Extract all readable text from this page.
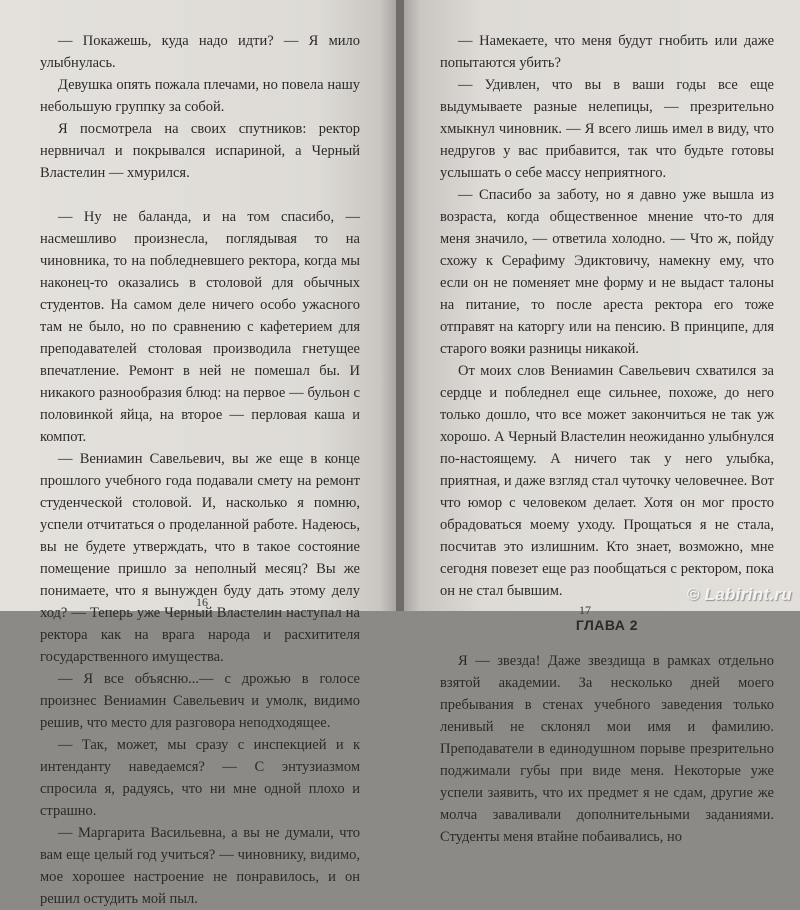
— Покажешь, куда надо идти? — Я мило улыбнулась.

Девушка опять пожала плечами, но повела нашу небольшую группку за собой.

Я посмотрела на своих спутников: ректор нервничал и покрывался испариной, а Черный Властелин — хмурился.

— Ну не баланда, и на том спасибо, — насмешливо произнесла, поглядывая то на чиновника, то на побледневшего ректора, когда мы наконец-то оказались в столовой для обычных студентов. На самом деле ничего особо ужасного там не было, но по сравнению с кафетерием для преподавателей столовая производила гнетущее впечатление. Ремонт в ней не помешал бы. И никакого разнообразия блюд: на первое — бульон с половинкой яйца, на второе — перловая каша и компот.

— Вениамин Савельевич, вы же еще в конце прошлого учебного года подавали смету на ремонт студенческой столовой. И, насколько я помню, успели отчитаться о проделанной работе. Надеюсь, вы не будете утверждать, что в такое состояние помещение пришло за неполный месяц? Вы же понимаете, что я вынужден буду дать этому делу ход? — Теперь уже Черный Властелин наступал на ректора как на врага народа и расхитителя государственного имущества.

— Я все объясню...— с дрожью в голосе произнес Вениамин Савельевич и умолк, видимо решив, что место для разговора неподходящее.

— Так, может, мы сразу с инспекцией и к интенданту наведаемся? — С энтузиазмом спросила я, радуясь, что ни мне одной плохо и страшно.

— Маргарита Васильевна, а вы не думали, что вам еще целый год учиться? — чиновнику, видимо, мое хорошее настроение не понравилось, и он решил остудить мой пыл.

16

— Намекаете, что меня будут гнобить или даже попытаются убить?

— Удивлен, что вы в ваши годы все еще выдумываете разные нелепицы, — презрительно хмыкнул чиновник. — Я всего лишь имел в виду, что недругов у вас прибавится, так что будьте готовы услышать о себе массу неприятного.

— Спасибо за заботу, но я давно уже вышла из возраста, когда общественное мнение что-то для меня значило, — ответила холодно. — Что ж, пойду схожу к Серафиму Эдиктовичу, намекну ему, что если он не поменяет мне форму и не выдаст талоны на питание, то после ареста ректора его тоже отправят на каторгу или на пенсию. В принципе, для старого вояки разницы никакой.

От моих слов Вениамин Савельевич схватился за сердце и побледнел еще сильнее, похоже, до него только дошло, что все может закончиться не так уж хорошо. А Черный Властелин неожиданно улыбнулся по-настоящему. А ничего так у него улыбка, приятная, и даже взгляд стал чуточку человечнее. Вот что юмор с человеком делает. Хотя он мог просто обрадоваться моему уходу. Прощаться я не стала, посчитав это излишним. Кто знает, возможно, мне сегодня повезет еще раз пообщаться с ректором, пока он не стал бывшим.

ГЛАВА 2

Я — звезда! Даже звездища в рамках отдельно взятой академии. За несколько дней моего пребывания в стенах учебного заведения только ленивый не склонял мои имя и фамилию. Преподаватели в единодушном порыве презрительно поджимали губы при виде меня. Некоторые уже успели заявить, что их предмет я не сдам, другие же молча заваливали дополнительными заданиями. Студенты меня втайне побаивались, но

17
© Labirint.ru
